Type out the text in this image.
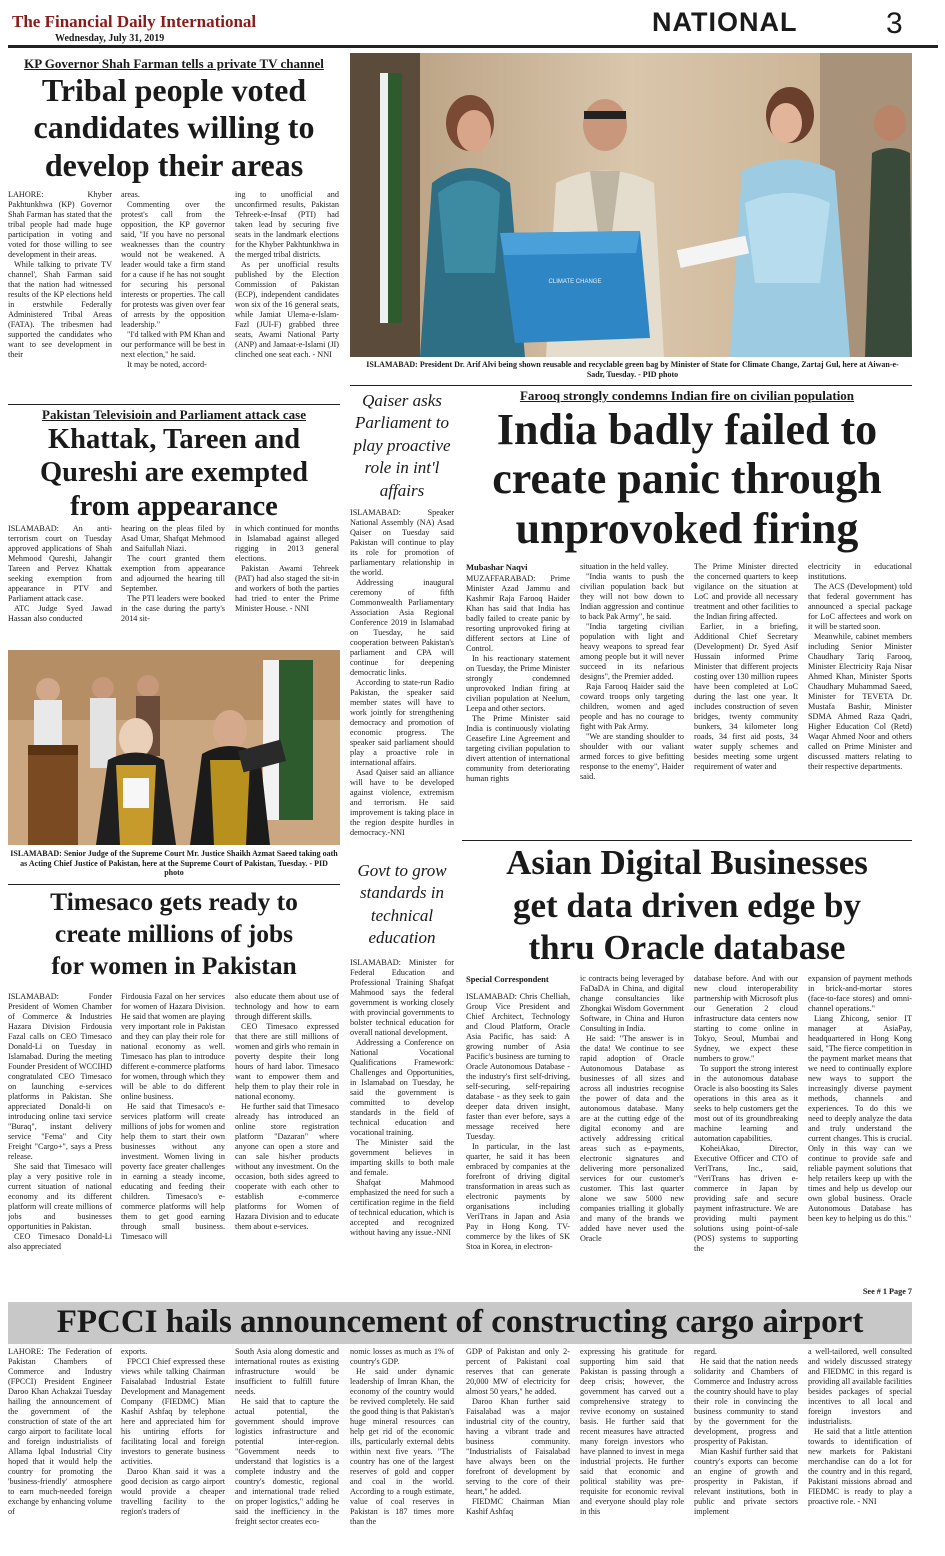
The Financial Daily International
Wednesday, July 31, 2019
NATIONAL	3
KP Governor Shah Farman tells a private TV channel
Tribal people voted
candidates willing to
develop their areas

LAHORE: Khyber Pakhtunkhwa (KP) Governor Shah Farman has stated that the tribal people had made huge participation in voting and voted for those willing to see development in their areas.

While talking to private TV channel', Shah Farman said that the nation had witnessed results of the KP elections held in erstwhile Federally Administered Tribal Areas (FATA). The tribesmen had supported the candidates who want to see development in their

areas.

Commenting over the protest's call from the opposition, the KP governor said, "If you have no personal weaknesses than the country would not be weakened. A leader would take a firm stand for a cause if he has not sought for securing his personal interests or properties. The call for protests was given over fear of arrests by the opposition leadership."

"I'd talked with PM Khan and our performance will be best in next election," he said.

It may be noted, accord-

ing to unofficial and unconfirmed results, Pakistan Tehreek-e-Insaf (PTI) had taken lead by securing five seats in the landmark elections for the Khyber Pakhtunkhwa in the merged tribal districts.

As per unofficial results published by the Election Commission of Pakistan (ECP), independent candidates won six of the 16 general seats, while Jamiat Ulema-e-Islam-Fazl (JUI-F) grabbed three seats, Awami National Party (ANP) and Jamaat-e-Islami (JI) clinched one seat each. - NNI

CLIMATE CHANGE
ISLAMABAD: President Dr. Arif Alvi being shown reusable and recyclable green bag by Minister of State for Climate Change, Zartaj Gul, here at Aiwan-e-Sadr, Tuesday. - PID photo
Pakistan Televisioin and Parliament attack case
Khattak, Tareen and
Qureshi are exempted
from appearance

ISLAMABAD: An anti-terrorism court on Tuesday approved applications of Shah Mehmood Qureshi, Jahangir Tareen and Pervez Khattak seeking exemption from appearance in PTV and Parliament attack case.

ATC Judge Syed Jawad Hassan also conducted

hearing on the pleas filed by Asad Umar, Shafqat Mehmood and Saifullah Niazi.

The court granted them exemption from appearance and adjourned the hearing till September.

The PTI leaders were booked in the case during the party's 2014 sit-

in which continued for months in Islamabad against alleged rigging in 2013 general elections.

Pakistan Awami Tehreek (PAT) had also staged the sit-in and workers of both the parties had tried to enter the Prime Minister House. - NNI

ISLAMABAD: Senior Judge of the Supreme Court Mr. Justice Shaikh Azmat Saeed taking oath as Acting Chief Justice of Pakistan, here at the Supreme Court of Pakistan, Tuesday. - PID photo
Timesaco gets ready to
create millions of jobs
for women in Pakistan

ISLAMABAD: Fonder President of Women Chamber of Commerce & Industries Hazara Division Firdousia Fazal calls on CEO Timesaco Donald-Li on Tuesday in Islamabad. During the meeting Founder President of WCCIHD congratulated CEO Timesaco on launching e-services platforms in Pakistan. She appreciated Donald-li on introducing online taxi service "Buraq", instant delivery service "Fema" and City Freight "Cargo+", says a Press release.

She said that Timesaco will play a very positive role in current situation of national economy and its different platform will create millions of jobs and businesses opportunities in Pakistan.

CEO Timesaco Donald-Li also appreciated

Firdousia Fazal on her services for women of Hazara Division. He said that women are playing very important role in Pakistan and they can play their role for national economy as well. Timesaco has plan to introduce different e-commerce platforms for women, through which they will be able to do different online business.

He said that Timesaco's e-services platform will create millions of jobs for women and help them to start their own businesses without any investment. Women living in poverty face greater challenges in earning a steady income, educating and feeding their children. Timesaco's e-commerce platforms will help them to get good earning through small business. Timesaco will

also educate them about use of technology and how to earn through different skills.

CEO Timesaco expressed that there are still millions of women and girls who remain in poverty despite their long hours of hard labor. Timesaco want to empower them and help them to play their role in national economy.

He further said that Timesaco already has introduced an online store registration platform "Dazaran" where anyone can open a store and can sale his/her products without any investment. On the occasion, both sides agreed to cooperate with each other to establish e-commerce platforms for Women of Hazara Division and to educate them about e-services.

Qaiser asks Parliament to play proactive role in int'l affairs

ISLAMABAD: Speaker National Assembly (NA) Asad Qaiser on Tuesday said Pakistan will continue to play its role for promotion of parliamentary relationship in the world.

Addressing inaugural ceremony of fifth Commonwealth Parliamentary Association Asia Regional Conference 2019 in Islamabad on Tuesday, he said cooperation between Pakistan's parliament and CPA will continue for deepening democratic links.

According to state-run Radio Pakistan, the speaker said member states will have to work jointly for strengthening democracy and promotion of economic progress. The speaker said parliament should play a proactive role in international affairs.

Asad Qaiser said an alliance will have to be developed against violence, extremism and terrorism. He said improvement is taking place in the region despite hurdles in democracy.-NNI

Govt to grow standards in technical education

ISLAMABAD: Minister for Federal Education and Professional Training Shafqat Mahmood says the federal government is working closely with provincial governments to bolster technical education for overall national development.

Addressing a Conference on National Vocational Qualifications Framework: Challenges and Opportunities, in Islamabad on Tuesday, he said the government is committed to develop standards in the field of technical education and vocational training.

The Minister said the government believes in imparting skills to both male and female.

Shafqat Mahmood emphasized the need for such a certification regime in the field of technical education, which is accepted and recognized without having any issue.-NNI

Farooq strongly condemns Indian fire on civilian population
India badly failed to
create panic through
unprovoked firing
Mubashar Naqvi

MUZAFFARABAD: Prime Minister Azad Jammu and Kashmir Raja Farooq Haider Khan has said that India has badly failed to create panic by resorting unprovoked firing at different sectors at Line of Control.

In his reactionary statement on Tuesday, the Prime Minister strongly condemned unprovoked Indian firing at civilian population at Neelum, Leepa and other sectors.

The Prime Minister said India is continuously violating Ceasefire Line Agreement and targeting civilian population to divert attention of international community from deteriorating human rights

situation in the held valley.

"India wants to push the civilian population back but they will not bow down to Indian aggression and continue to back Pak Army", he said.

"India targeting civilian population with light and heavy weapons to spread fear among people but it will never succeed in its nefarious designs", the Premier added.

Raja Farooq Haider said the coward troops only targeting children, women and aged people and has no courage to fight with Pak Army.

"We are standing shoulder to shoulder with our valiant armed forces to give befitting response to the enemy", Haider said.

The Prime Minister directed the concerned quarters to keep vigilance on the situation at LoC and provide all necessary treatment and other facilities to the Indian firing affected.

Earlier, in a briefing, Additional Chief Secretary (Development) Dr. Syed Asif Hussain informed Prime Minister that different projects costing over 130 million rupees have been completed at LoC during the last one year. It includes construction of seven bridges, twenty community bunkers, 34 kilometer long roads, 34 first aid posts, 34 water supply schemes and besides meeting some urgent requirement of water and

electricity in educational institutions.

The ACS (Development) told that federal government has announced a special package for LoC affectees and work on it will be started soon.

Meanwhile, cabinet members including Senior Minister Chaudhary Tariq Farooq, Minister Electricity Raja Nisar Ahmed Khan, Minister Sports Chaudhary Muhammad Saeed, Minister for TEVETA Dr. Mustafa Bashir, Minister SDMA Ahmed Raza Qadri, Higher Education Col (Retd) Waqar Ahmed Noor and others called on Prime Minister and discussed matters relating to their respective departments.

Asian Digital Businesses
get data driven edge by
thru Oracle database
Special Correspondent

ISLAMABAD: Chris Chelliah, Group Vice President and Chief Architect, Technology and Cloud Platform, Oracle Asia Pacific, has said: A growing number of Asia Pacific's business are turning to Oracle Autonomous Database - the industry's first self-driving, self-securing, self-repairing database - as they seek to gain deeper data driven insight, faster than ever before, says a message received here Tuesday.

In particular, in the last quarter, he said it has been embraced by companies at the forefront of driving digital transformation in areas such as electronic payments by organisations including VeriTrans in Japan and Asia Pay in Hong Kong. TV-commerce by the likes of SK Stoa in Korea, in electron-

ic contracts being leveraged by FaDaDA in China, and digital change consultancies like Zhongkai Wisdom Government Software, in China and Huron Consulting in India.

He said: "The answer is in the data! We continue to see rapid adoption of Oracle Autonomous Database as businesses of all sizes and across all industries recognise the power of data and the autonomous database. Many are at the cutting edge of the digital economy and are actively addressing critical areas such as e-payments, electronic signatures and delivering more personalized services for our customer's customer. This last quarter alone we saw 5000 new companies trialling it globally and many of the brands we added have never used the Oracle

database before. And with our new cloud interoperability partnership with Microsoft plus our Generation 2 cloud infrastructure data centers now starting to come online in Tokyo, Seoul, Mumbai and Sydney, we expect these numbers to grow."

To support the strong interest in the autonomous database Oracle is also boosting its Sales operations in this area as it seeks to help customers get the most out of its groundbreaking machine learning and automation capabilities.

KoheiAkao, Director, Executive Officer and CTO of VeriTrans, Inc., said, "VeriTrans has driven e-commerce in Japan by providing safe and secure payment infrastructure. We are providing multi payment solutions using point-of-sale (POS) systems to supporting the

expansion of payment methods in brick-and-mortar stores (face-to-face stores) and omni-channel operations."

Liang Zhicong, senior IT manager at AsiaPay, headquartered in Hong Kong said, "The fierce competition in the payment market means that we need to continually explore new ways to support the increasingly diverse payment methods, channels and experiences. To do this we need to deeply analyze the data and truly understand the current changes. This is crucial. Only in this way can we continue to provide safe and reliable payment solutions that help retailers keep up with the times and help us develop our own global business. Oracle Autonomous Database has been key to helping us do this."

See # 1 Page 7
FPCCI hails announcement of constructing cargo airport

LAHORE: The Federation of Pakistan Chambers of Commerce and Industry (FPCCI) President Engineer Daroo Khan Achakzai Tuesday hailing the announcement of the government of the construction of state of the art cargo airport to facilitate local and foreign industrialists of Allama Iqbal Industrial City hoped that it would help the country for promoting the 'business-friendly' atmosphere to earn much-needed foreign exchange by enhancing volume of

exports.

FPCCI Chief expressed these views while talking Chairman Faisalabad Industrial Estate Development and Management Company (FIEDMC) Mian Kashif Ashfaq by telephone here and appreciated him for his untiring efforts for facilitating local and foreign investors to generate business activities.

Daroo Khan said it was a good decision as cargo airport would provide a cheaper travelling facility to the region's traders of

South Asia along domestic and international routes as existing infrastructure would be insufficient to fulfill future needs.

He said that to capture the actual potential, the government should improve logistics infrastructure and potential inter-region. "Government needs to understand that logistics is a complete industry and the country's domestic, regional and international trade relied on proper logistics," adding he said the inefficiency in the freight sector creates eco-

nomic losses as much as 1% of country's GDP.

He said under dynamic leadership of Imran Khan, the economy of the country would be revived completely. He said the good thing is that Pakistan's huge mineral resources can help get rid of the economic ills, particularly external debts within next five years. "The country has one of the largest reserves of gold and copper and coal in the world. According to a rough estimate, value of coal reserves in Pakistan is 187 times more than the

GDP of Pakistan and only 2-percent of Pakistani coal reserves that can generate 20,000 MW of electricity for almost 50 years," he added.

Daroo Khan further said Faisalabad was a major industrial city of the country, having a vibrant trade and business community. "Industrialists of Faisalabad have always been on the forefront of development by serving to the core of their heart," he added.

FIEDMC Chairman Mian Kashif Ashfaq

expressing his gratitude for supporting him said that Pakistan is passing through a deep crisis; however, the government has carved out a comprehensive strategy to revive economy on sustained basis. He further said that recent measures have attracted many foreign investors who have planned to invest in mega industrial projects. He further said that economic and political stability was pre-requisite for economic revival and everyone should play role in this

regard.

He said that the nation needs solidarity and Chambers of Commerce and Industry across the country should have to play their role in convincing the business community to stand by the government for the development, progress and prosperity of Pakistan.

Mian Kashif further said that country's exports can become an engine of growth and prosperity in Pakistan, if relevant institutions, both in public and private sectors implement

a well-tailored, well consulted and widely discussed strategy and FIEDMC in this regard is providing all available facilities besides packages of special incentives to all local and foreign investors and industrialists.

He said that a little attention towards to identification of new markets for Pakistani merchandise can do a lot for the country and in this regard, Pakistani missions abroad and FIEDMC is ready to play a proactive role. - NNI
